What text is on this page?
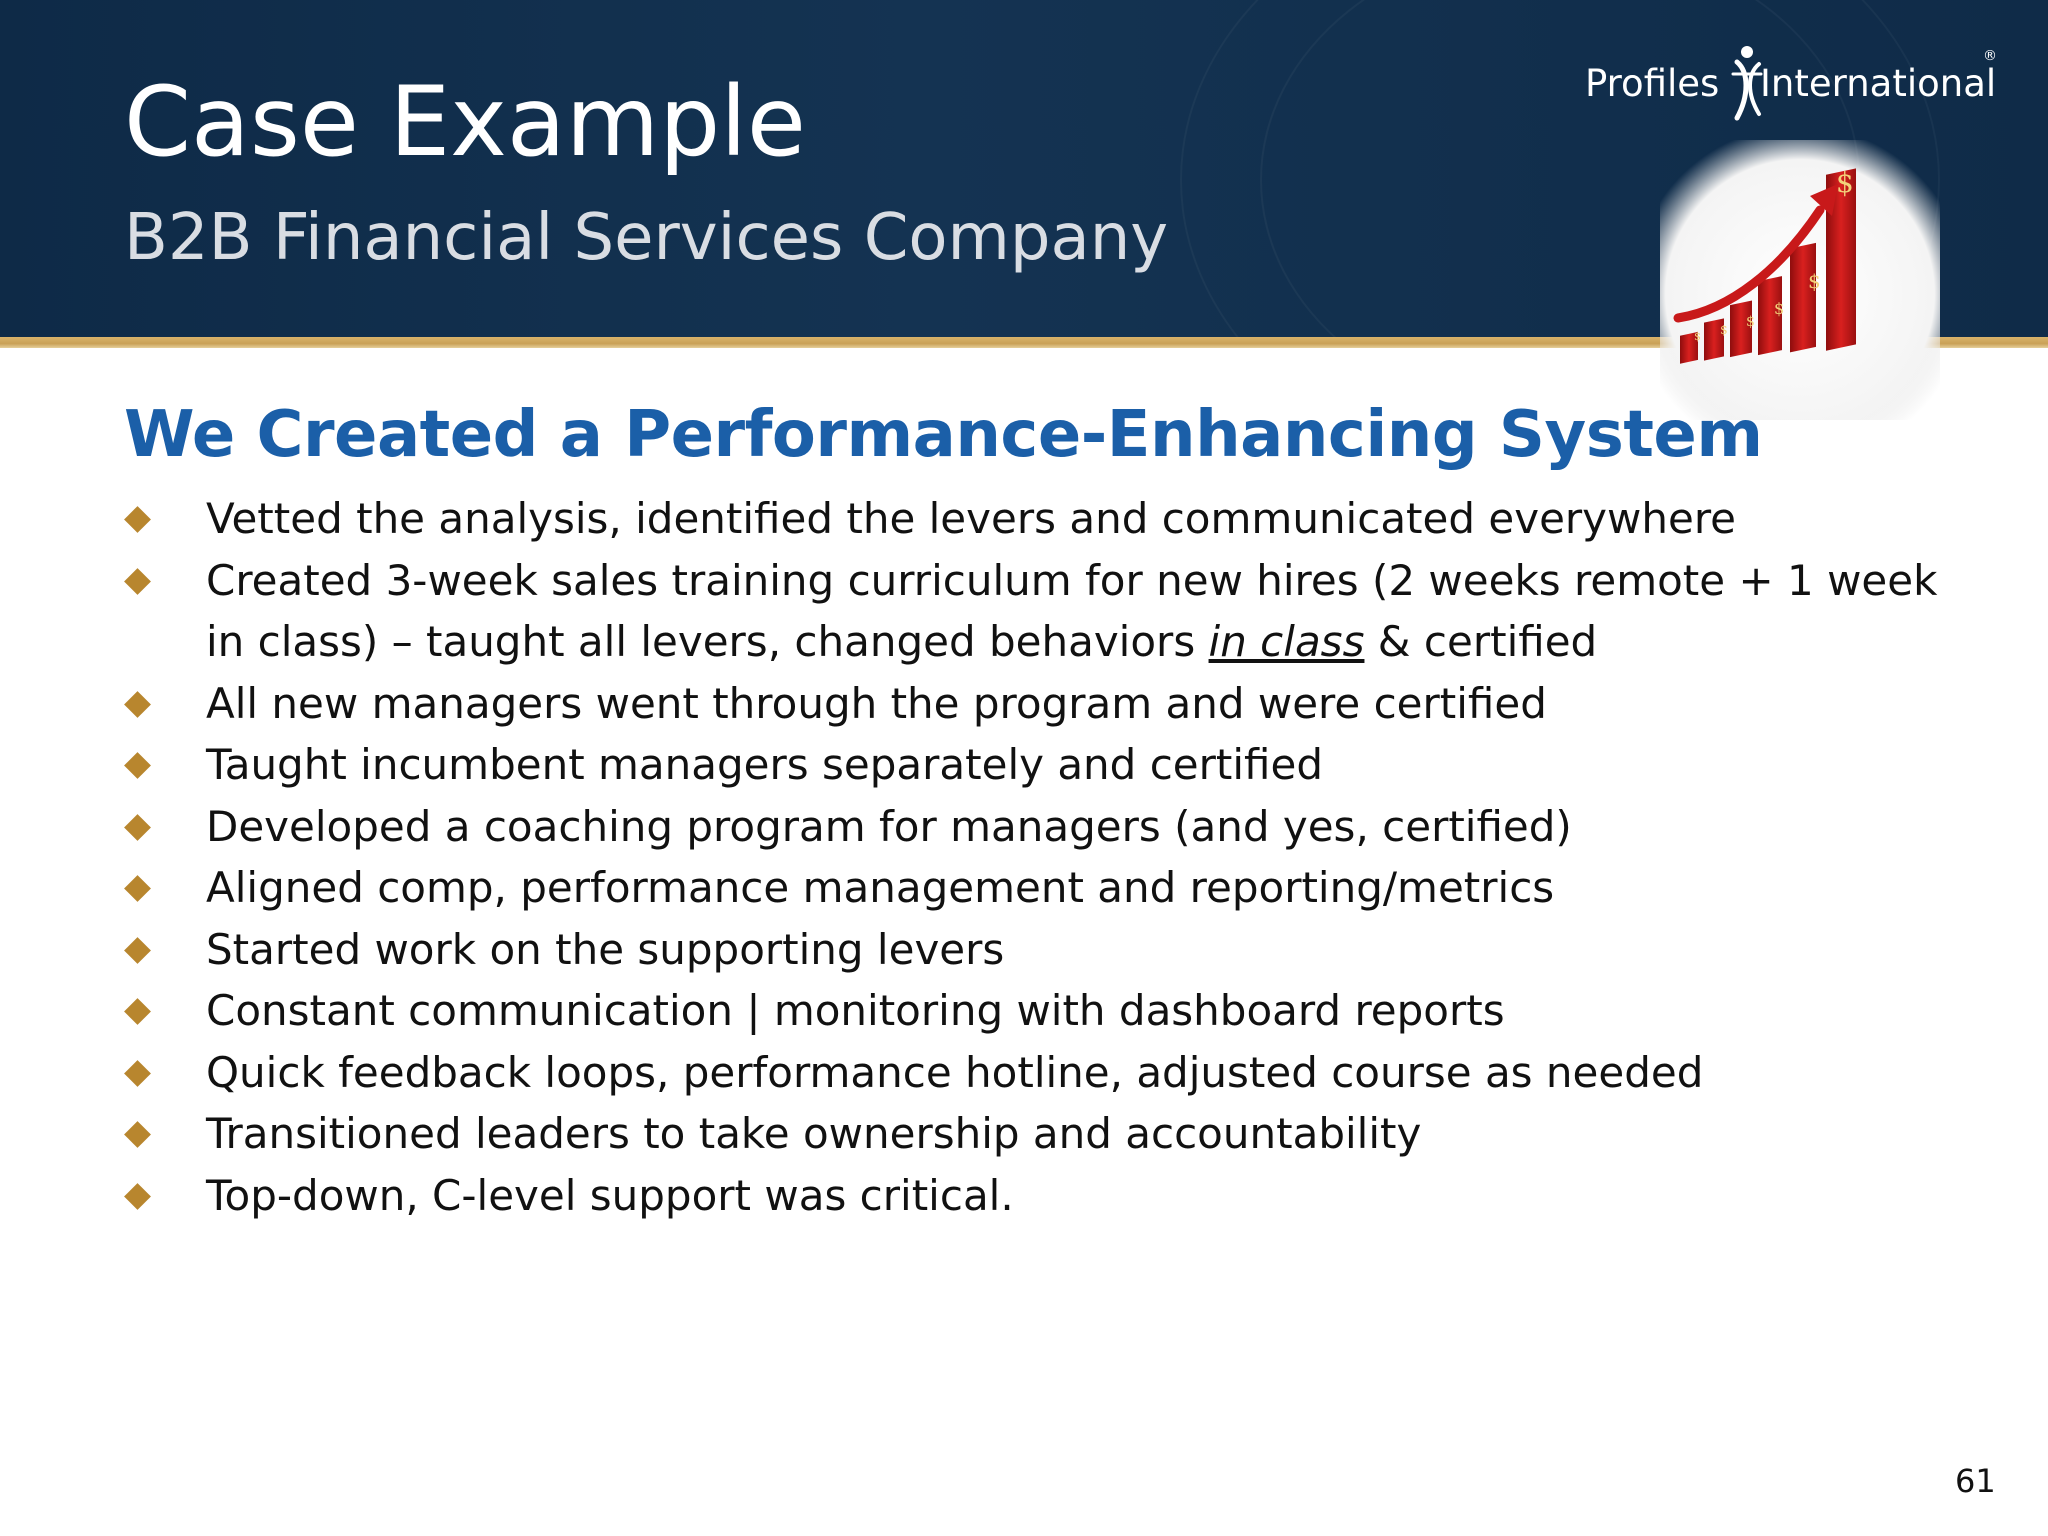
Case Example
B2B Financial Services Company
Profiles International
®
$
$
$
$
$
$
We Created a Performance-Enhancing System
Vetted the analysis, identified the levers and communicated everywhere
Created 3-week sales training curriculum for new hires (2 weeks remote + 1 week in class) – taught all levers, changed behaviors in class & certified
All new managers went through the program and were certified
Taught incumbent managers separately and certified
Developed a coaching program for managers (and yes, certified)
Aligned comp, performance management and reporting/metrics
Started work on the supporting levers
Constant communication | monitoring with dashboard reports
Quick feedback loops, performance hotline, adjusted course as needed
Transitioned leaders to take ownership and accountability
Top-down, C-level support was critical.
61
